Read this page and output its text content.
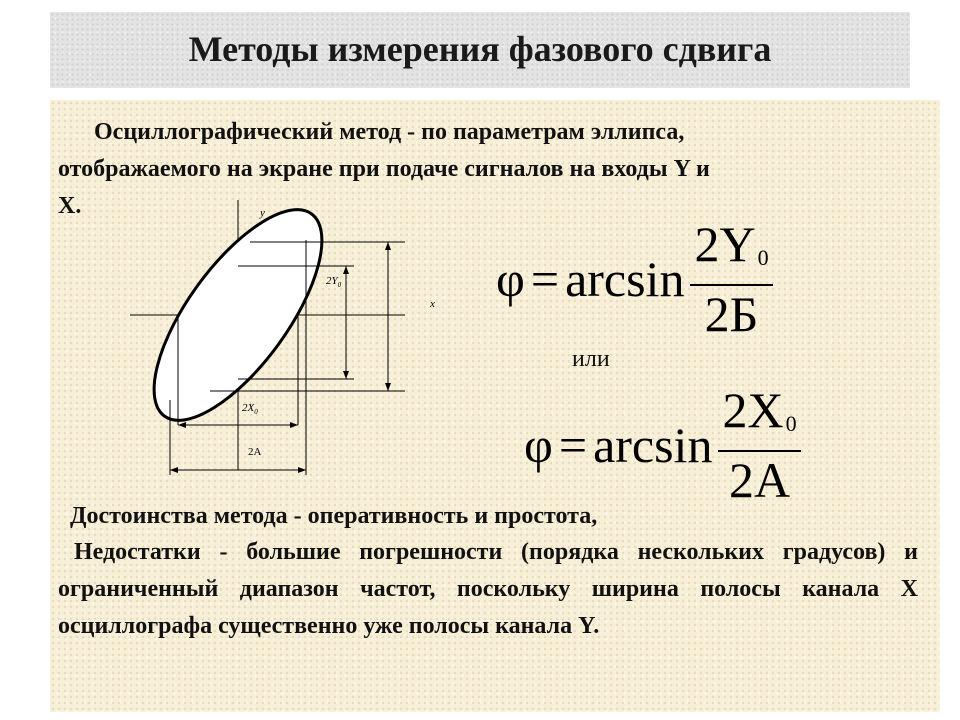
Методы измерения фазового сдвига
Осциллографический метод - по параметрам эллипса,
отображаемого на экране при подаче сигналов на входы Y и
X.	y
x
$2Y_0$
$2X_0$
2A
$\varphi = \arcsin \frac{2Y_0}{2Б}$
или
$\varphi = \arcsin \frac{2X_0}{2A}$
Достоинства метода - оперативность и простота,
Недостатки - большие погрешности (порядка нескольких градусов) и ограниченный диапазон частот, поскольку ширина полосы канала X осциллографа существенно уже полосы канала Y.
